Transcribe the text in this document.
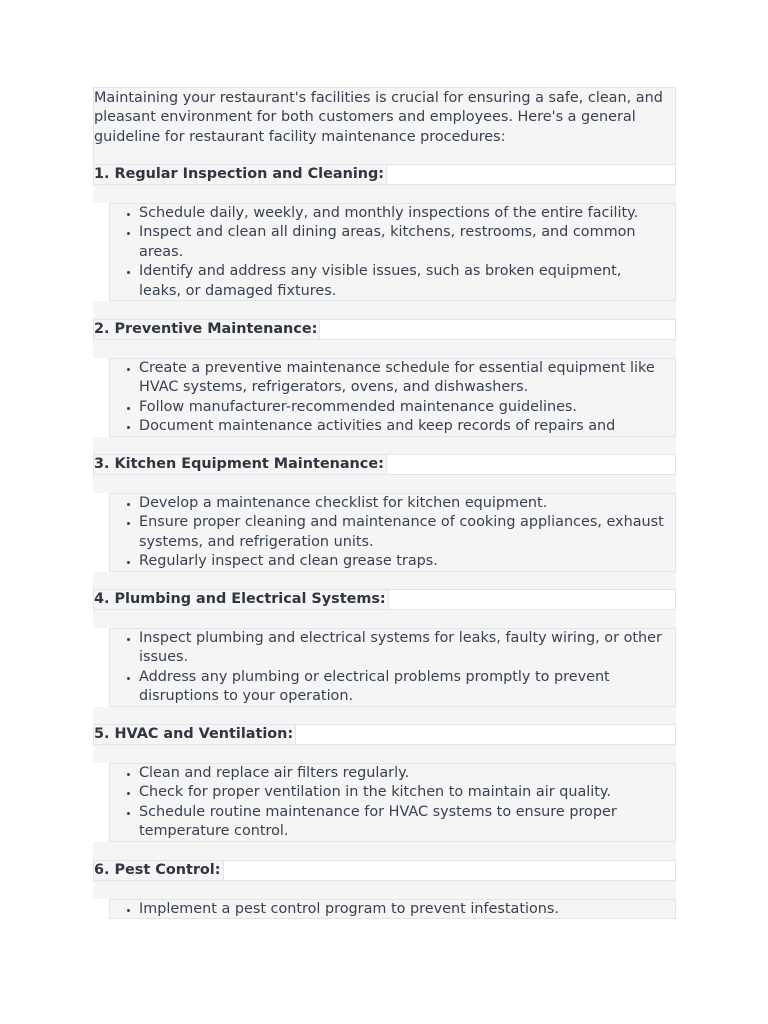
Maintaining your restaurant's facilities is crucial for ensuring a safe, clean, and pleasant environment for both customers and employees. Here's a general guideline for restaurant facility maintenance procedures:

1. Regular Inspection and Cleaning:
• Schedule daily, weekly, and monthly inspections of the entire facility.
• Inspect and clean all dining areas, kitchens, restrooms, and common areas.
• Identify and address any visible issues, such as broken equipment, leaks, or damaged fixtures.
•
2. Preventive Maintenance:
• Create a preventive maintenance schedule for essential equipment like HVAC systems, refrigerators, ovens, and dishwashers.
• Follow manufacturer-recommended maintenance guidelines.
• Document maintenance activities and keep records of repairs and
3. Kitchen Equipment Maintenance:
• Develop a maintenance checklist for kitchen equipment.
• Ensure proper cleaning and maintenance of cooking appliances, exhaust systems, and refrigeration units.
• Regularly inspect and clean grease traps.
4. Plumbing and Electrical Systems:
• Inspect plumbing and electrical systems for leaks, faulty wiring, or other issues.
• Address any plumbing or electrical problems promptly to prevent disruptions to your operation.
5. HVAC and Ventilation:
• Clean and replace air filters regularly.
• Check for proper ventilation in the kitchen to maintain air quality.
• Schedule routine maintenance for HVAC systems to ensure proper temperature control.
6. Pest Control:
• Implement a pest control program to prevent infestations.
